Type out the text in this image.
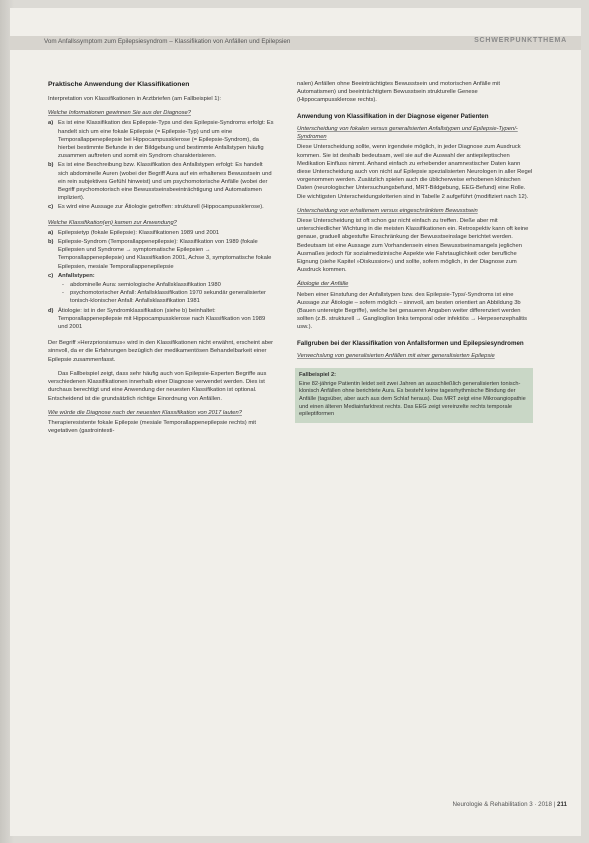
Vom Anfallssymptom zum Epilepsiesyndrom – Klassifikation von Anfällen und Epilepsien	SCHWERPUNKTTHEMA
Praktische Anwendung der Klassifikationen
Interpretation von Klassifikationen in Arztbriefen (am Fallbeispiel 1):
Welche Informationen gewinnen Sie aus der Diagnose?
a) Es ist eine Klassifikation des Epilepsie-Typs und des Epilepsie-Syndroms erfolgt: Es handelt sich um eine fokale Epilepsie (= Epilepsie-Typ) und um eine Temporallappenepilepsie bei Hippocampussklerose (= Epilepsie-Syndrom), da hierbei bestimmte Befunde in der Bildgebung und bestimmte Anfallstypen häufig zusammen auftreten und somit ein Syndrom charakterisieren.
b) Es ist eine Beschreibung bzw. Klassifikation des Anfallstypen erfolgt: Es handelt sich abdominelle Auren (wobei der Begriff Aura auf ein erhaltenes Bewusstsein und ein rein subjektives Gefühl hinweist) und um psychomotorische Anfälle (wobei der Begriff psychomotorisch eine Bewusstseinsbeeinträchtigung und Automatismen impliziert).
c) Es wird eine Aussage zur Ätiologie getroffen: strukturell (Hippocampussklerose).
Welche Klassifikation(en) kamen zur Anwendung?
a) Epilepsietyp (fokale Epilepsie): Klassifikationen 1989 und 2001
b) Epilepsie-Syndrom (Temporallappenepilepsie): Klassifikation von 1989 (fokale Epilepsien und Syndrome → symptomatische Epilepsien → Temporallappenepilepsie) und Klassifikation 2001, Achse 3, symptomatische fokale Epilepsien, mesiale Temporallappenepilepsie
c) Anfallstypen:
- abdominelle Aura: semiologische Anfallsklassifikation 1980
- psychomotorischer Anfall: Anfallsklassifikation 1970 sekundär generalisierter tonisch-klonischer Anfall: Anfallsklassifikation 1981
d) Ätiologie: ist in der Syndromklassifikation (siehe b) beinhaltet: Temporallappenepilepsie mit Hippocampussklerose nach Klassifikation von 1989 und 2001
Der Begriff »Herzpriorsismus« wird in den Klassifikationen nicht erwähnt, erscheint aber sinnvoll, da er die Erfahrungen bezüglich der medikamentösen Behandelbarkeit einer Epilepsie zusammenfasst.
Das Fallbeispiel zeigt, dass sehr häufig auch von Epilepsie-Experten Begriffe aus verschiedenen Klassifikationen innerhalb einer Diagnose verwendet werden. Dies ist durchaus berechtigt und eine Anwendung der neuesten Klassifikation ist optional. Entscheidend ist die grundsätzlich richtige Einordnung von Anfällen.
Wie würde die Diagnose nach der neuesten Klassifikation von 2017 lauten?
Therapieresistente fokale Epilepsie (mesiale Temporallappenepilepsie rechts) mit vegetativen (gastrointesti-
nalen) Anfällen ohne Beeinträchtigtes Bewusstsein und motorischen Anfälle mit Automatismen) und beeinträchtigtem Bewusstsein strukturelle Genese (Hippocampussklerose rechts).
Anwendung von Klassifikation in der Diagnose eigener Patienten
Unterscheidung von fokalen versus generalisierten Anfallstypen und Epilepsie-Typen/-Syndromen
Diese Unterscheidung sollte, wenn irgendwie möglich, in jeder Diagnose zum Ausdruck kommen. Sie ist deshalb bedeutsam, weil sie auf die Auswahl der antiepileptischen Medikation Einfluss nimmt. Anhand einfach zu erhebender anamnestischer Daten kann diese Unterscheidung auch von nicht auf Epilepsie spezialisierten Neurologen in aller Regel vorgenommen werden. Zusätzlich spielen auch die üblicherweise erhobenen klinischen Daten (neurologischer Untersuchungsbefund, MRT-Bildgebung, EEG-Befund) eine Rolle. Die wichtigsten Unterscheidungskriterien sind in Tabelle 2 aufgeführt (modifiziert nach 12).
Unterscheidung von erhaltenem versus eingeschränktem Bewusstsein
Diese Unterscheidung ist oft schon gar nicht einfach zu treffen. Dieße aber mit unterschiedlicher Wichtung in die meisten Klassifikationen ein. Retrospektiv kann oft keine genaue, graduell abgestufte Einschränkung der Bewusstseinslage berichtet werden. Bedeutsam ist eine Aussage zum Vorhandensein eines Bewusstseinsmangels jeglichen Ausmaßes jedoch für sozialmedizinische Aspekte wie Fahrtauglichkeit oder berufliche Eignung (siehe Kapitel »Diskussion«) und sollte, sofern möglich, in der Diagnose zum Ausdruck kommen.
Ätiologie der Anfälle
Neben einer Einstufung der Anfallstypen bzw. des Epilepsie-Typs/-Syndroms ist eine Aussage zur Ätiologie – sofern möglich – sinnvoll, am besten orientiert an Abbildung 3b (Bauen untereigte Begriffe), welche bei genaueren Angaben weiter differenziert werden sollten (z.B. strukturell → Ganglioglion links temporal oder infektiös → Herpesenzephalitis usw.).
Fallgruben bei der Klassifikation von Anfallsformen und Epilepsiesyndromen
Verwechslung von generalisierten Anfällen mit einer generalisierten Epilepsie
Fallbeispiel 2:
Eine 82-jährige Patientin leidet seit zwei Jahren an ausschließlich generalisierten tonisch-klonisch Anfällen ohne berichtete Aura. Es besteht keine tagesrhythmische Bindung der Anfälle (tagsüber, aber auch aus dem Schlaf heraus). Das MRT zeigt eine Mikroangiopathie und einen älteren Mediainfarktrest rechts. Das EEG zeigt vereinzelte rechts temporale epileptiformen
Neurologie & Rehabilitation 3 · 2018 | 211
